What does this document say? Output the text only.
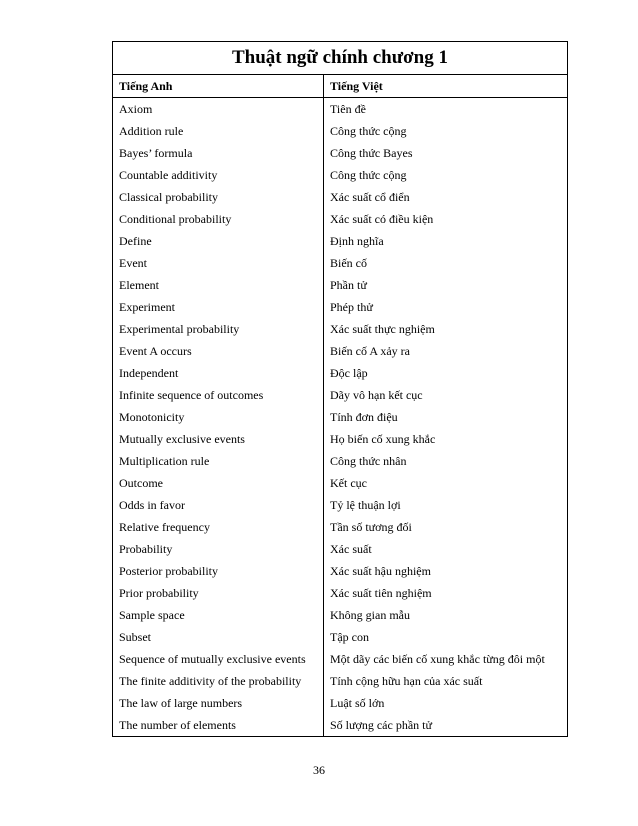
Thuật ngữ chính chương 1
Tiếng Anh	Tiếng Việt
Axiom	Tiên đề
Addition rule	Công thức cộng
Bayes’ formula	Công thức Bayes
Countable additivity	Công thức cộng
Classical probability	Xác suất cổ điển
Conditional probability	Xác suất có điều kiện
Define	Định nghĩa
Event	Biến cố
Element	Phần tử
Experiment	Phép thử
Experimental probability	Xác suất thực nghiệm
Event A occurs	Biến cố A xảy ra
Independent	Độc lập
Infinite sequence of outcomes	Dãy vô hạn kết cục
Monotonicity	Tính đơn điệu
Mutually exclusive events	Họ biến cố xung khắc
Multiplication rule	Công thức nhân
Outcome	Kết cục
Odds in favor	Tỷ lệ thuận lợi
Relative frequency	Tần số tương đối
Probability	Xác suất
Posterior probability	Xác suất hậu nghiệm
Prior probability	Xác suất tiên nghiệm
Sample space	Không gian mẫu
Subset	Tập con
Sequence of mutually exclusive events	Một dãy các biến cố xung khắc từng đôi một
The finite additivity of the probability	Tính cộng hữu hạn của xác suất
The law of large numbers	Luật số lớn
The number of elements	Số lượng các phần tử
36
